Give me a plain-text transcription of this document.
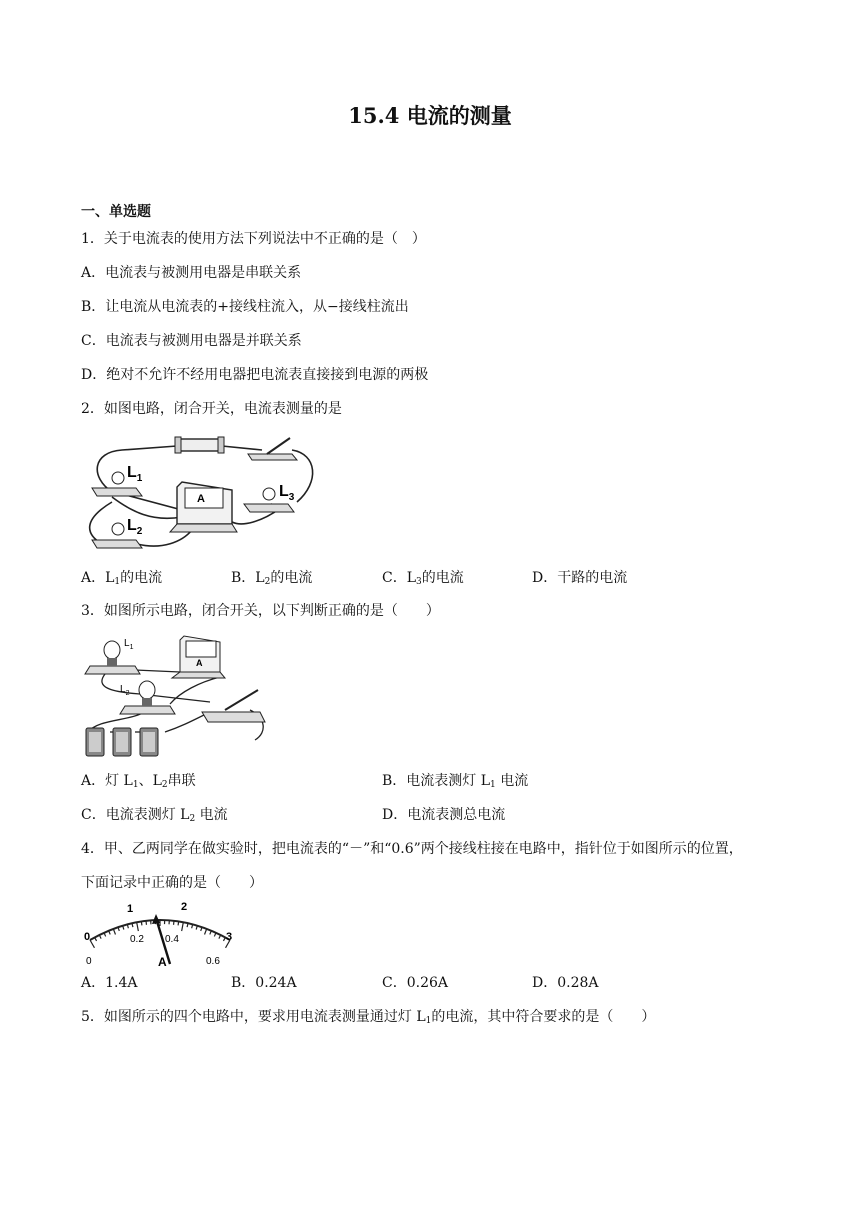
15.4 电流的测量
一、单选题
1．关于电流表的使用方法下列说法中不正确的是（　）
A．电流表与被测用电器是串联关系
B．让电流从电流表的+接线柱流入，从−接线柱流出
C．电流表与被测用电器是并联关系
D．绝对不允许不经用电器把电流表直接接到电源的两极
2．如图电路，闭合开关，电流表测量的是
A
$L_1$
$L_2$
$L_3$
A．$L_1$的电流	B．$L_2$的电流	C．$L_3$的电流	D．干路的电流
3．如图所示电路，闭合开关，以下判断正确的是（　　）
$L_1$
A
$L_2$
A．灯 $L_1$、$L_2$串联	B．电流表测灯 $L_1$ 电流
C．电流表测灯 $L_2$ 电流	D．电流表测总电流
4．甲、乙两同学在做实验时，把电流表的“－”和“0.6”两个接线柱接在电路中，指针位于如图所示的位置，
下面记录中正确的是（　　）
0
1	2
3
0
0.2 0.4
0.6
A
A．1.4A	B．0.24A	C．0.26A	D．0.28A
5．如图所示的四个电路中，要求用电流表测量通过灯 $L_1$的电流，其中符合要求的是（　　）
